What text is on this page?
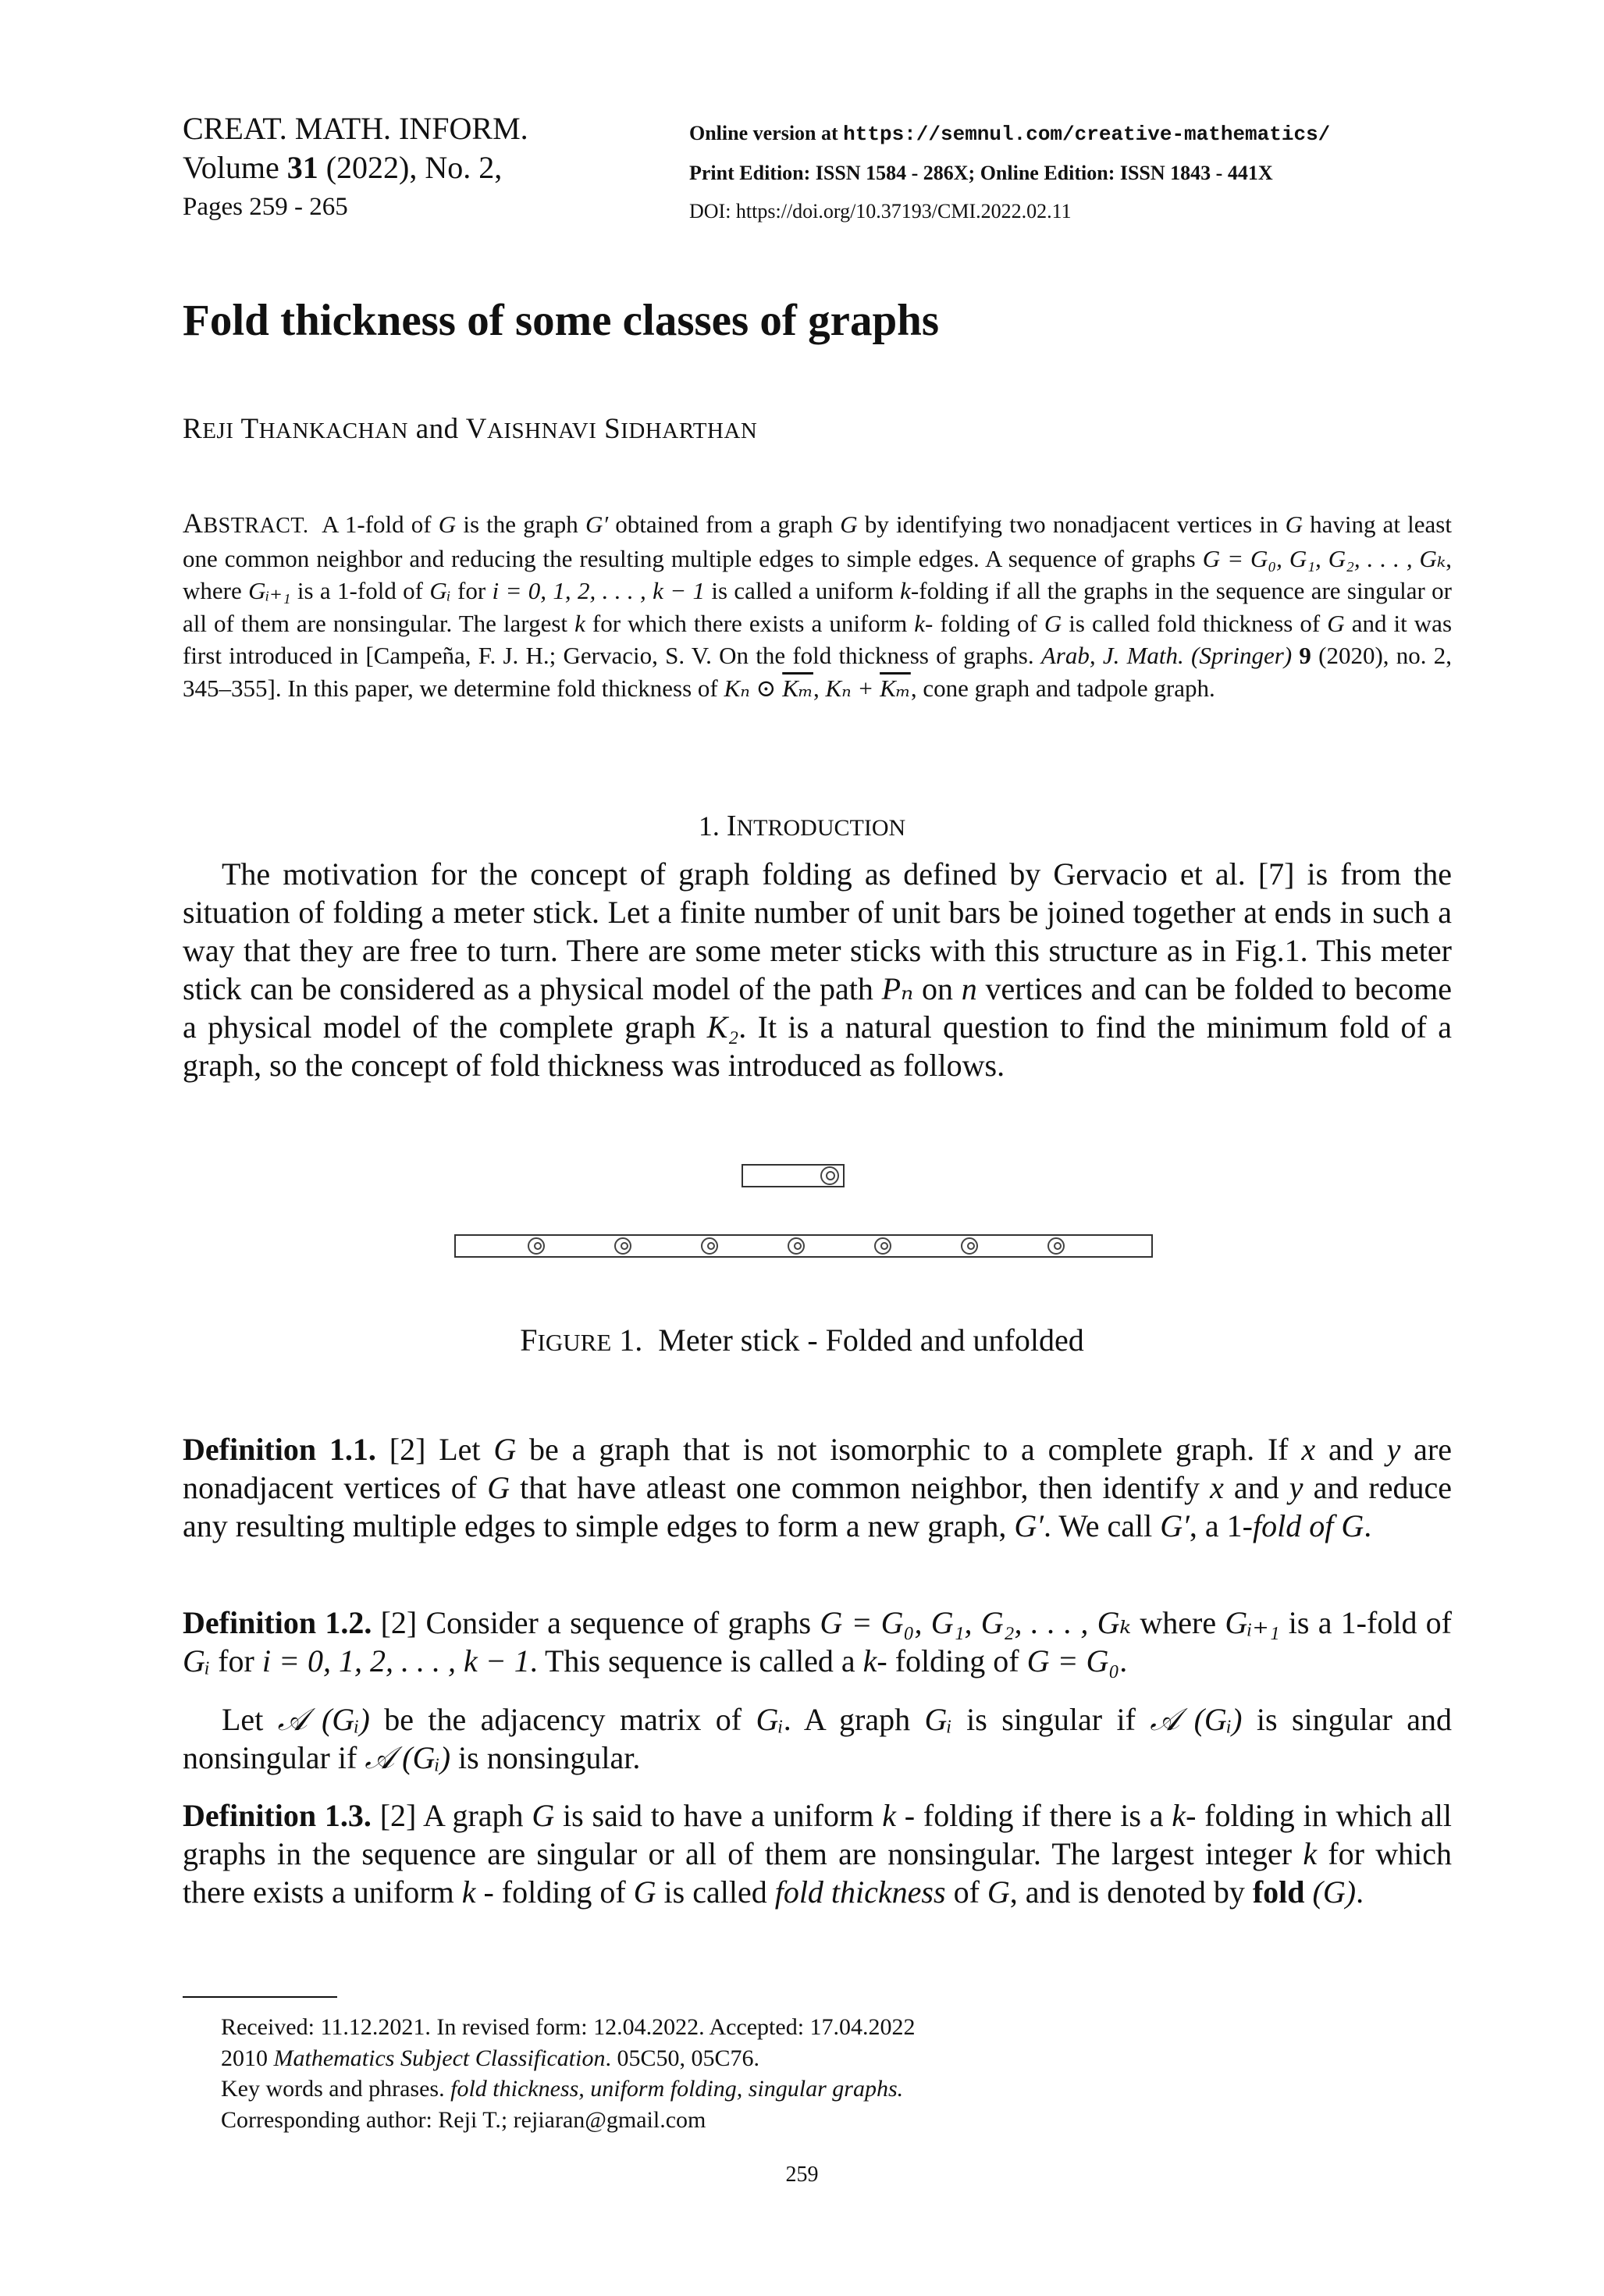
CREAT. MATH. INFORM.
Volume 31 (2022), No. 2,
Pages 259 - 265
Online version at https://semnul.com/creative-mathematics/
Print Edition: ISSN 1584 - 286X; Online Edition: ISSN 1843 - 441X
DOI: https://doi.org/10.37193/CMI.2022.02.11
Fold thickness of some classes of graphs
REJI THANKACHAN and VAISHNAVI SIDHARTHAN
ABSTRACT. A 1-fold of G is the graph G′ obtained from a graph G by identifying two nonadjacent vertices in G having at least one common neighbor and reducing the resulting multiple edges to simple edges. A sequence of graphs G = G₀, G₁, G₂, . . . , Gₖ, where Gᵢ₊₁ is a 1-fold of Gᵢ for i = 0, 1, 2, . . . , k − 1 is called a uniform k-folding if all the graphs in the sequence are singular or all of them are nonsingular. The largest k for which there exists a uniform k- folding of G is called fold thickness of G and it was first introduced in [Campeña, F. J. H.; Gervacio, S. V. On the fold thickness of graphs. Arab, J. Math. (Springer) 9 (2020), no. 2, 345–355]. In this paper, we determine fold thickness of Kₙ ⊙ $\overline{K_m}$, $K_n + \overline{K_m}$, cone graph and tadpole graph.
1. INTRODUCTION
The motivation for the concept of graph folding as defined by Gervacio et al. [7] is from the situation of folding a meter stick. Let a finite number of unit bars be joined together at ends in such a way that they are free to turn. There are some meter sticks with this structure as in Fig.1. This meter stick can be considered as a physical model of the path Pₙ on n vertices and can be folded to become a physical model of the complete graph K₂. It is a natural question to find the minimum fold of a graph, so the concept of fold thickness was introduced as follows.
FIGURE 1. Meter stick - Folded and unfolded
Definition 1.1. [2] Let G be a graph that is not isomorphic to a complete graph. If x and y are nonadjacent vertices of G that have atleast one common neighbor, then identify x and y and reduce any resulting multiple edges to simple edges to form a new graph, G′. We call G′, a 1-fold of G.
Definition 1.2. [2] Consider a sequence of graphs G = G₀, G₁, G₂, . . . , Gₖ where Gᵢ₊₁ is a 1-fold of Gᵢ for i = 0, 1, 2, . . . , k − 1. This sequence is called a k- folding of G = G₀.
Let 𝒜 (Gᵢ) be the adjacency matrix of Gᵢ. A graph Gᵢ is singular if 𝒜 (Gᵢ) is singular and nonsingular if 𝒜 (Gᵢ) is nonsingular.
Definition 1.3. [2] A graph G is said to have a uniform k - folding if there is a k- folding in which all graphs in the sequence are singular or all of them are nonsingular. The largest integer k for which there exists a uniform k - folding of G is called fold thickness of G, and is denoted by fold (G).
Received: 11.12.2021. In revised form: 12.04.2022. Accepted: 17.04.2022
2010 Mathematics Subject Classification. 05C50, 05C76.
Key words and phrases. fold thickness, uniform folding, singular graphs.
Corresponding author: Reji T.; rejiaran@gmail.com
259
